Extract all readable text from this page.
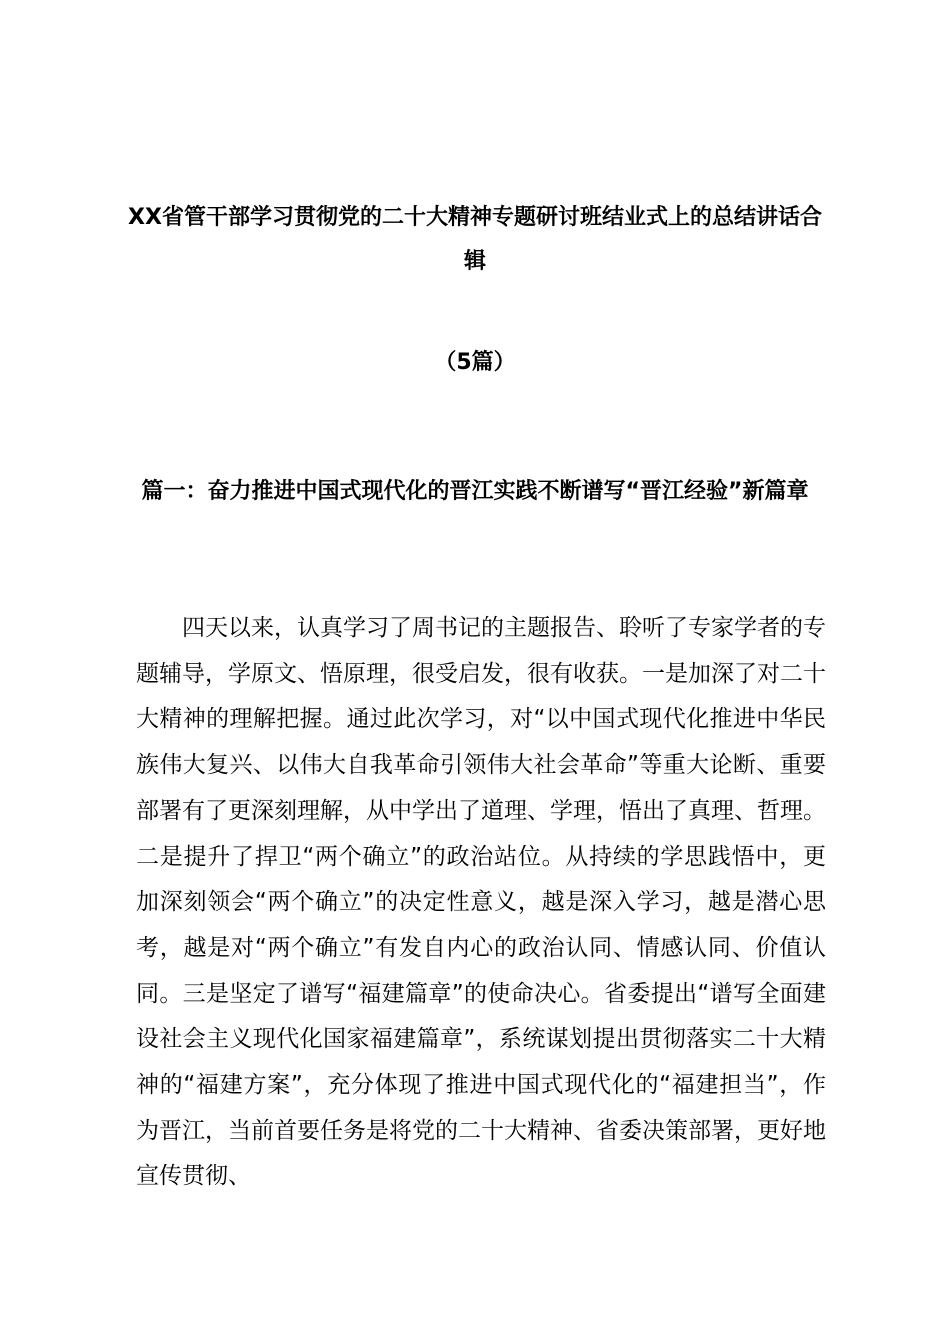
XX省管干部学习贯彻党的二十大精神专题研讨班结业式上的总结讲话合辑
（5篇）
篇一：奋力推进中国式现代化的晋江实践不断谱写“晋江经验”新篇章

四天以来，认真学习了周书记的主题报告、聆听了专家学者的专题辅导，学原文、悟原理，很受启发，很有收获。一是加深了对二十大精神的理解把握。通过此次学习，对“以中国式现代化推进中华民族伟大复兴、以伟大自我革命引领伟大社会革命”等重大论断、重要部署有了更深刻理解，从中学出了道理、学理，悟出了真理、哲理。二是提升了捍卫“两个确立”的政治站位。从持续的学思践悟中，更加深刻领会“两个确立”的决定性意义，越是深入学习，越是潜心思考，越是对“两个确立”有发自内心的政治认同、情感认同、价值认同。三是坚定了谱写“福建篇章”的使命决心。省委提出“谱写全面建设社会主义现代化国家福建篇章”，系统谋划提出贯彻落实二十大精神的“福建方案”，充分体现了推进中国式现代化的“福建担当”，作为晋江，当前首要任务是将党的二十大精神、省委决策部署，更好地宣传贯彻、
